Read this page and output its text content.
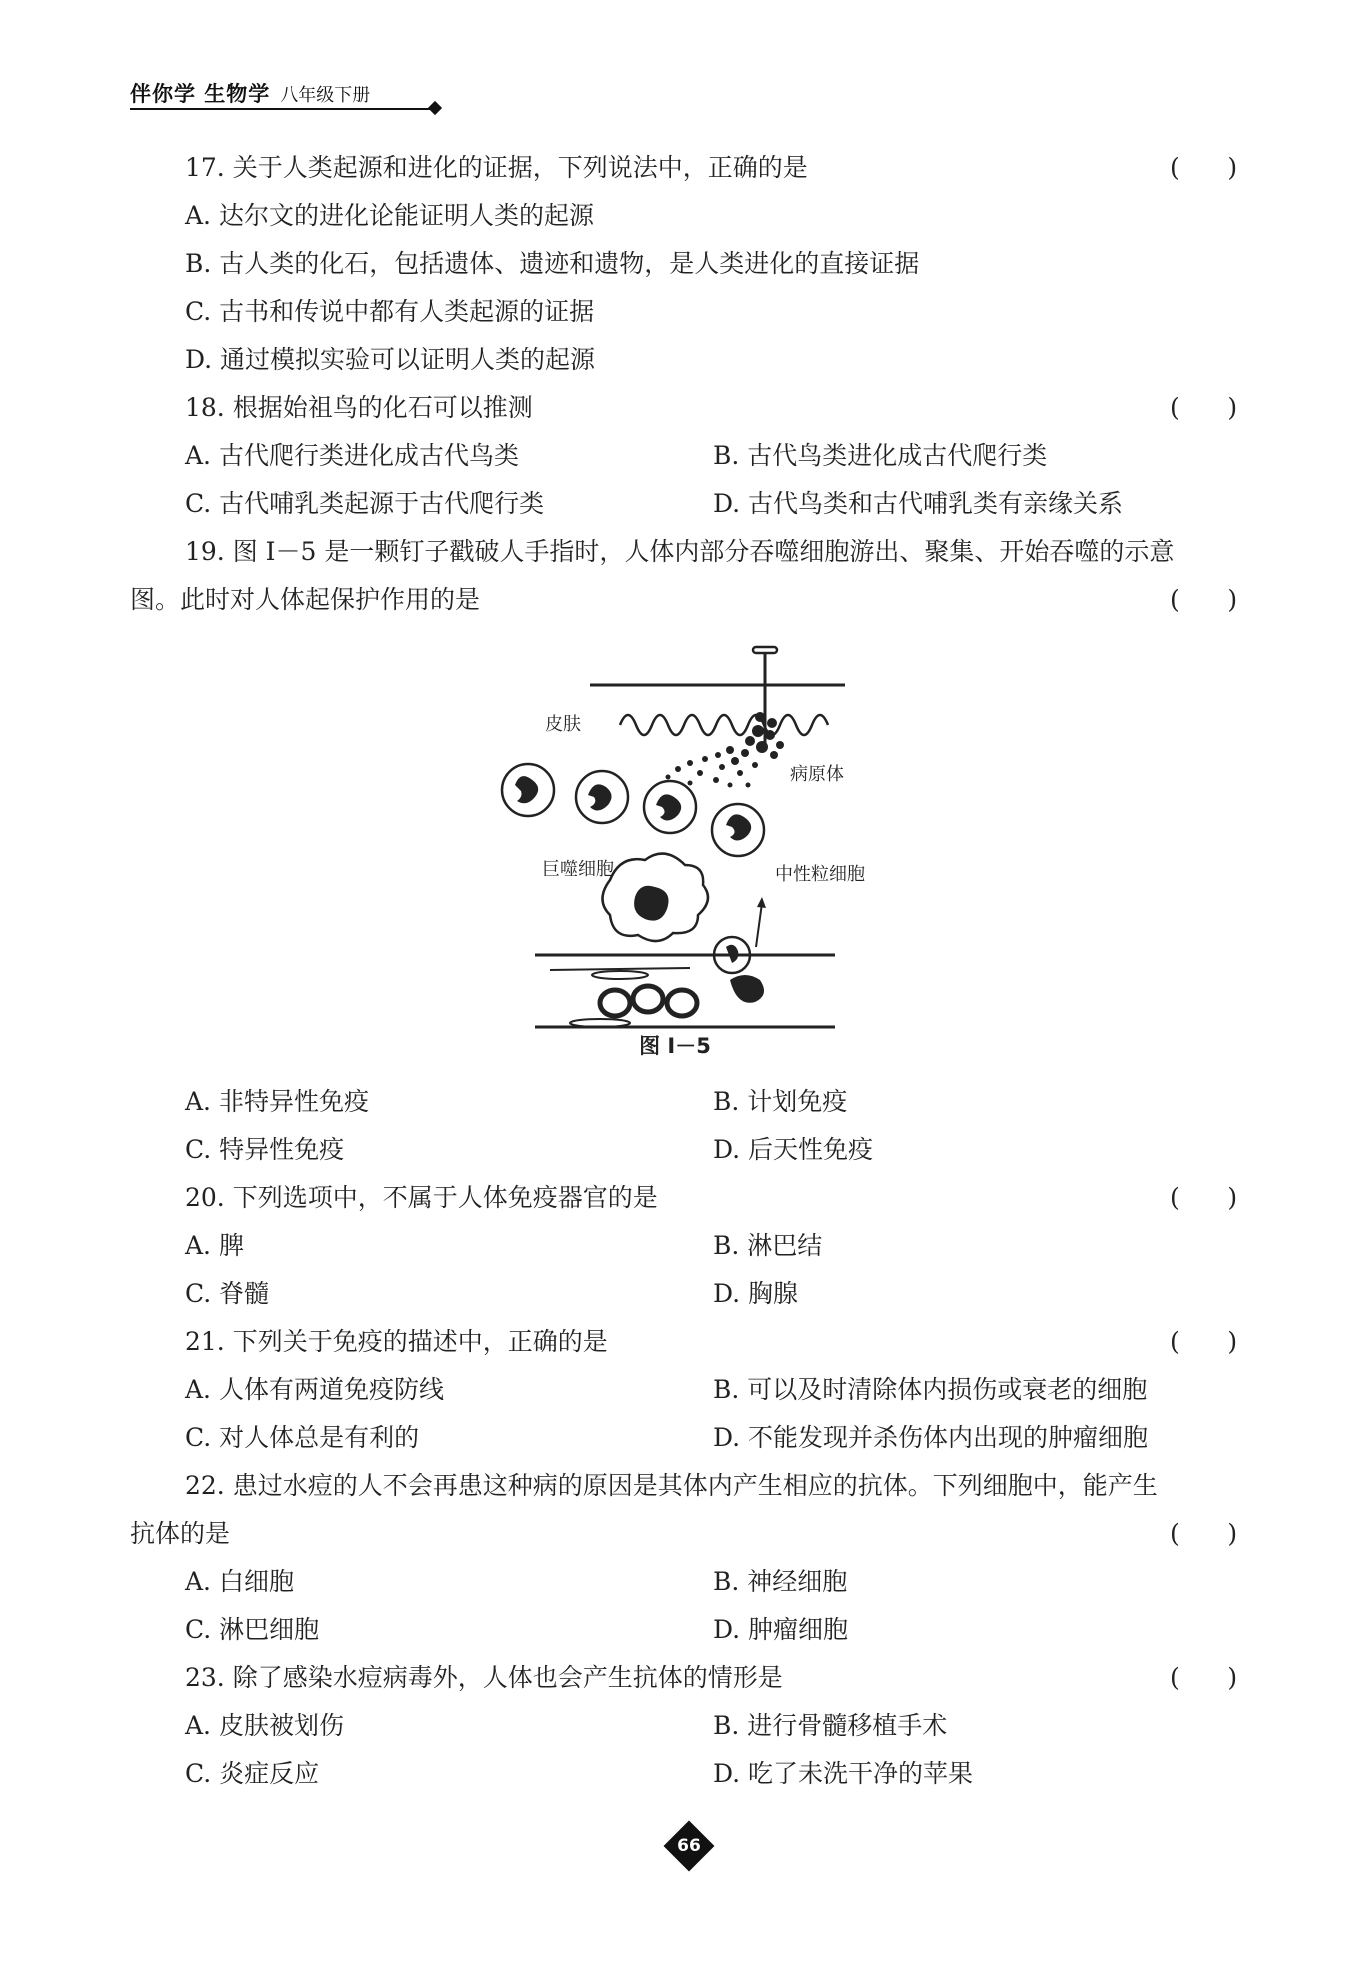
伴你学 生物学 八年级下册
17. 关于人类起源和进化的证据，下列说法中，正确的是	(      )
A. 达尔文的进化论能证明人类的起源
B. 古人类的化石，包括遗体、遗迹和遗物，是人类进化的直接证据
C. 古书和传说中都有人类起源的证据
D. 通过模拟实验可以证明人类的起源
18. 根据始祖鸟的化石可以推测	(      )
A. 古代爬行类进化成古代鸟类	B. 古代鸟类进化成古代爬行类
C. 古代哺乳类起源于古代爬行类	D. 古代鸟类和古代哺乳类有亲缘关系
19. 图 Ⅰ－5 是一颗钉子戳破人手指时，人体内部分吞噬细胞游出、聚集、开始吞噬的示意
图。此时对人体起保护作用的是	(      )
皮肤
病原体
巨噬细胞	中性粒细胞
图 Ⅰ－5
A. 非特异性免疫	B. 计划免疫
C. 特异性免疫	D. 后天性免疫
20. 下列选项中，不属于人体免疫器官的是	(      )
A. 脾	B. 淋巴结
C. 脊髓	D. 胸腺
21. 下列关于免疫的描述中，正确的是	(      )
A. 人体有两道免疫防线	B. 可以及时清除体内损伤或衰老的细胞
C. 对人体总是有利的	D. 不能发现并杀伤体内出现的肿瘤细胞
22. 患过水痘的人不会再患这种病的原因是其体内产生相应的抗体。下列细胞中，能产生
抗体的是	(      )
A. 白细胞	B. 神经细胞
C. 淋巴细胞	D. 肿瘤细胞
23. 除了感染水痘病毒外，人体也会产生抗体的情形是	(      )
A. 皮肤被划伤	B. 进行骨髓移植手术
C. 炎症反应	D. 吃了未洗干净的苹果
66
